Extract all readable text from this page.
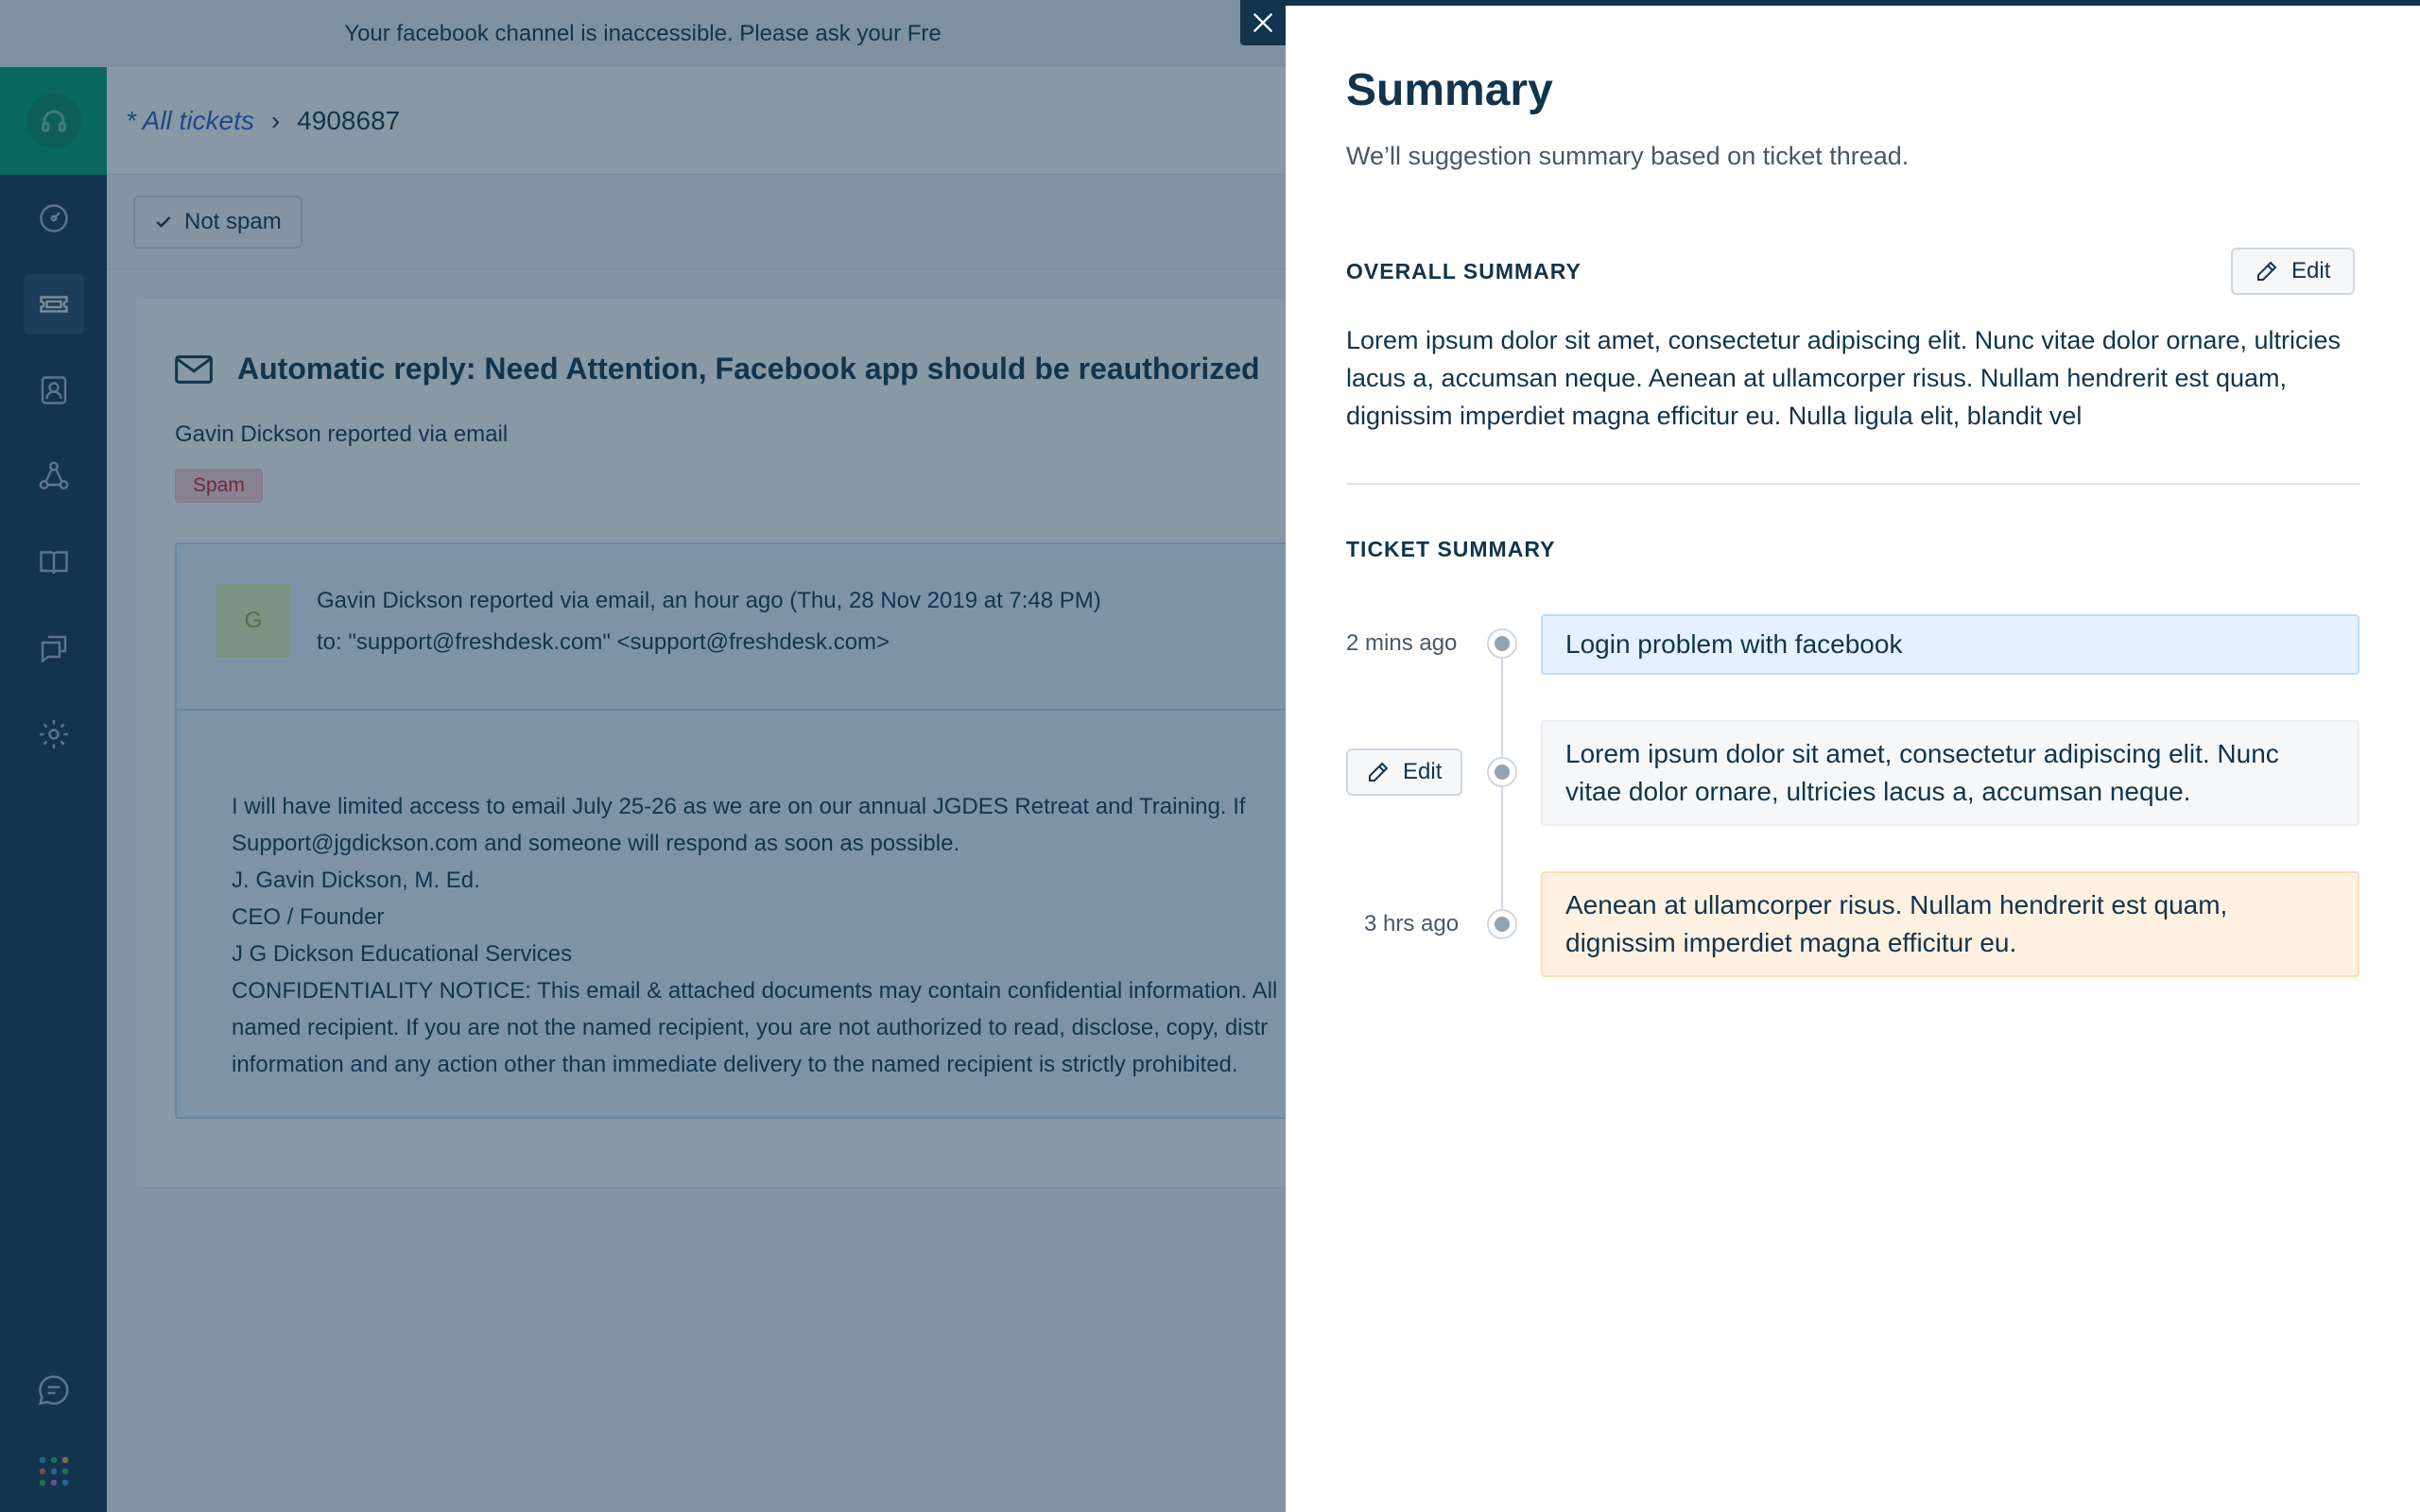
Summary
We’ll suggestion summary based on ticket thread.
OVERALL SUMMARY	Edit
Lorem ipsum dolor sit amet, consectetur adipiscing elit. Nunc vitae dolor ornare, ultricies lacus a, accumsan neque. Aenean at ullamcorper risus. Nullam hendrerit est quam, dignissim imperdiet magna efficitur eu. Nulla ligula elit, blandit vel
TICKET SUMMARY
2 mins ago	Login problem with facebook
Edit
Lorem ipsum dolor sit amet, consectetur adipiscing elit. Nunc vitae dolor ornare, ultricies lacus a, accumsan neque.
3 hrs ago
Aenean at ullamcorper risus. Nullam hendrerit est quam, dignissim imperdiet magna efficitur eu.
